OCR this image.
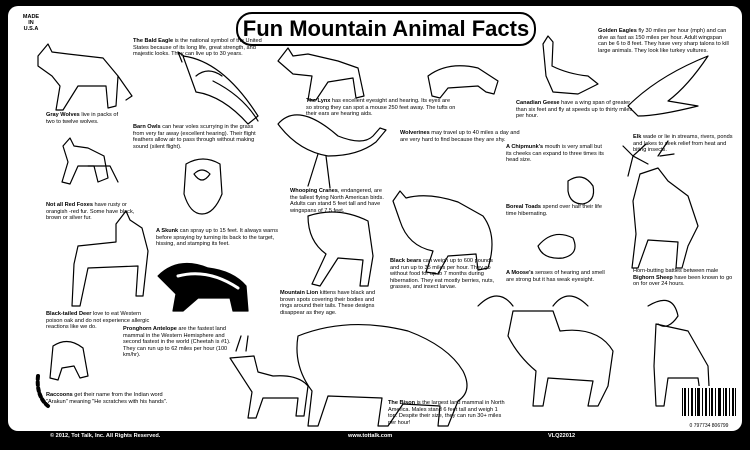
MADE
IN
U.S.A	Fun Mountain Animal Facts
The Bald Eagle is the national symbol of the United States because of its long life, great strength, and majestic looks. They can live up to 30 years.
The Lynx has excellent eyesight and hearing. Its eyes are so strong they can spot a mouse 250 feet away. The tufts on their ears are hearing aids.
Golden Eagles fly 30 miles per hour (mph) and can dive as fast as 150 miles per hour. Adult wingspan can be 6 to 8 feet. They have very sharp talons to kill large animals. They look like turkey vultures.
Gray Wolves live in packs of two to twelve wolves.
Barn Owls can hear voles scurrying in the grass from very far away (excellent hearing). Their flight feathers allow air to pass through without making sound (silent flight).
Canadian Geese have a wing span of greater than six feet and fly at speeds up to thirty miles per hour.
Wolverines may travel up to 40 miles a day and are very hard to find because they are shy.
A Chipmunk's mouth is very small but its cheeks can expand to three times its head size.
Elk wade or lie in streams, rivers, ponds and lakes to seek relief from heat and biting insects.
Not all Red Foxes have rusty or orangish -red fur. Some have black, brown or silver fur.
Whooping Cranes, endangered, are the tallest flying North American birds. Adults can stand 5 feet tall and have wingspans of 7.5 feet.
A Skunk can spray up to 15 feet. It always warns before spraying by turning its back to the target, hissing, and stamping its feet.
Boreal Toads spend over half their life time hibernating.
Black-tailed Deer love to eat Western poison oak and do not experience allergic reactions like we do.
Black bears can weigh up to 600 pounds and run up to 35 miles per hour. They go without food for up to 7 months during hibernation. They eat mostly berries, nuts, grasses, and insect larvae.
Mountain Lion kittens have black and brown spots covering their bodies and rings around their tails. These designs disappear as they age.
A Moose's senses of hearing and smell are strong but it has weak eyesight.
Horn-butting battles between male Bighorn Sheep have been known to go on for over 24 hours.
Pronghorn Antelope are the fastest land mammal in the Western Hemisphere and second fastest in the world (Cheetah is #1). They can run up to 62 miles per hour (100 km/hr).
Raccoons get their name from the Indian word "Arakun" meaning "He scratches with his hands".	The Bison is the largest land mammal in North America. Males stand 6 feet tall and weigh 1 ton. Despite their size, they can run 30+ miles per hour!
0 797734 806799
© 2012, Tot Talk, Inc. All Rights Reserved.	www.tottalk.com	VLQ22012
